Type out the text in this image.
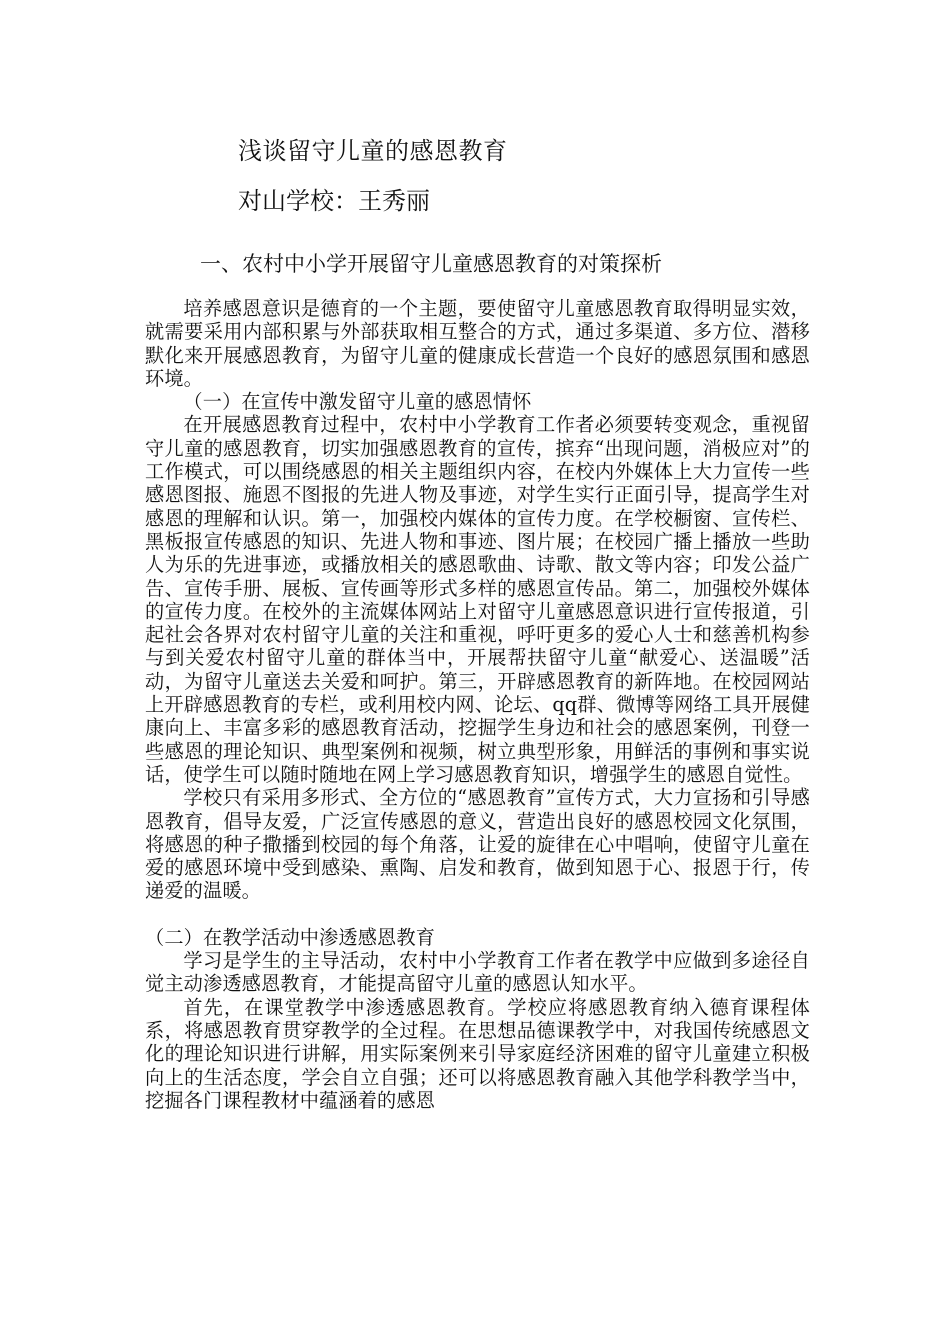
浅谈留守儿童的感恩教育
对山学校：王秀丽
一、农村中小学开展留守儿童感恩教育的对策探析

培养感恩意识是德育的一个主题，要使留守儿童感恩教育取得明显实效，就需要采用内部积累与外部获取相互整合的方式，通过多渠道、多方位、潜移默化来开展感恩教育，为留守儿童的健康成长营造一个良好的感恩氛围和感恩环境。

（一）在宣传中激发留守儿童的感恩情怀

在开展感恩教育过程中，农村中小学教育工作者必须要转变观念，重视留守儿童的感恩教育，切实加强感恩教育的宣传，摈弃“出现问题，消极应对”的工作模式，可以围绕感恩的相关主题组织内容，在校内外媒体上大力宣传一些感恩图报、施恩不图报的先进人物及事迹，对学生实行正面引导，提高学生对感恩的理解和认识。第一，加强校内媒体的宣传力度。在学校橱窗、宣传栏、黑板报宣传感恩的知识、先进人物和事迹、图片展；在校园广播上播放一些助人为乐的先进事迹，或播放相关的感恩歌曲、诗歌、散文等内容；印发公益广告、宣传手册、展板、宣传画等形式多样的感恩宣传品。第二，加强校外媒体的宣传力度。在校外的主流媒体网站上对留守儿童感恩意识进行宣传报道，引起社会各界对农村留守儿童的关注和重视，呼吁更多的爱心人士和慈善机构参与到关爱农村留守儿童的群体当中，开展帮扶留守儿童“献爱心、送温暖”活动，为留守儿童送去关爱和呵护。第三，开辟感恩教育的新阵地。在校园网站上开辟感恩教育的专栏，或利用校内网、论坛、qq群、微博等网络工具开展健康向上、丰富多彩的感恩教育活动，挖掘学生身边和社会的感恩案例，刊登一些感恩的理论知识、典型案例和视频，树立典型形象，用鲜活的事例和事实说话，使学生可以随时随地在网上学习感恩教育知识，增强学生的感恩自觉性。

学校只有采用多形式、全方位的“感恩教育”宣传方式，大力宣扬和引导感恩教育，倡导友爱，广泛宣传感恩的意义，营造出良好的感恩校园文化氛围，将感恩的种子撒播到校园的每个角落，让爱的旋律在心中唱响，使留守儿童在爱的感恩环境中受到感染、熏陶、启发和教育，做到知恩于心、报恩于行，传递爱的温暖。

（二）在教学活动中渗透感恩教育

学习是学生的主导活动，农村中小学教育工作者在教学中应做到多途径自觉主动渗透感恩教育，才能提高留守儿童的感恩认知水平。

首先，在课堂教学中渗透感恩教育。学校应将感恩教育纳入德育课程体系，将感恩教育贯穿教学的全过程。在思想品德课教学中，对我国传统感恩文化的理论知识进行讲解，用实际案例来引导家庭经济困难的留守儿童建立积极向上的生活态度，学会自立自强；还可以将感恩教育融入其他学科教学当中，挖掘各门课程教材中蕴涵着的感恩
